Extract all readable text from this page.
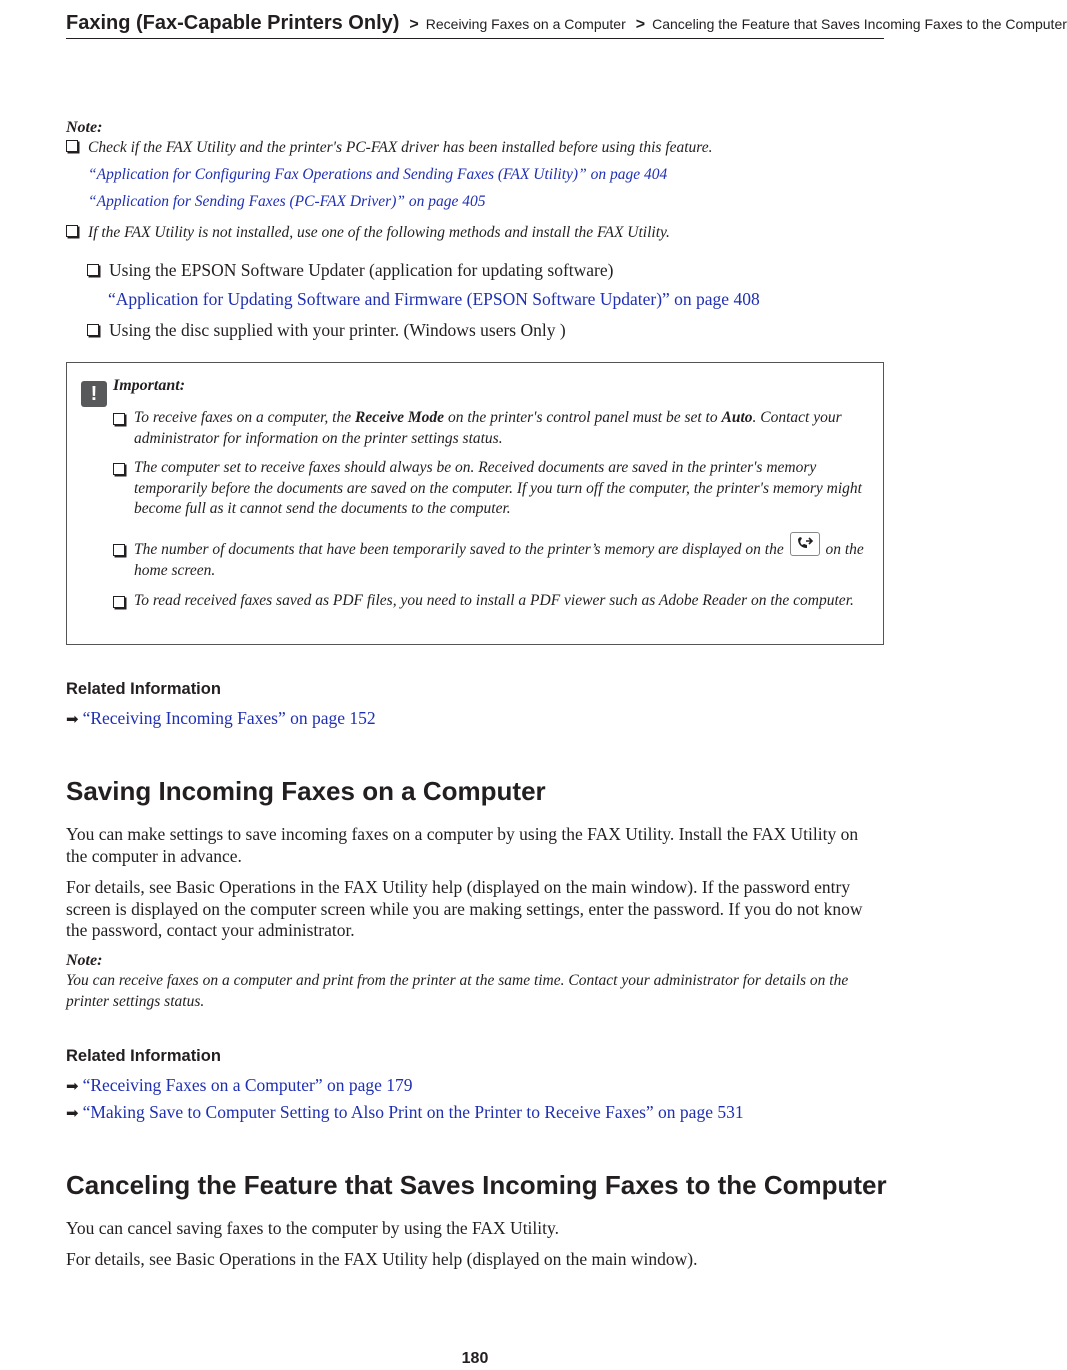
Faxing (Fax-Capable Printers Only) > Receiving Faxes on a Computer > Canceling the Feature that Saves Incoming Faxes to the Computer
Note:
Check if the FAX Utility and the printer's PC-FAX driver has been installed before using this feature.
“Application for Configuring Fax Operations and Sending Faxes (FAX Utility)” on page 404
“Application for Sending Faxes (PC-FAX Driver)” on page 405
If the FAX Utility is not installed, use one of the following methods and install the FAX Utility.
Using the EPSON Software Updater (application for updating software)
“Application for Updating Software and Firmware (EPSON Software Updater)” on page 408
Using the disc supplied with your printer. (Windows users Only )
! Important:
To receive faxes on a computer, the Receive Mode on the printer's control panel must be set to Auto. Contact your administrator for information on the printer settings status.
The computer set to receive faxes should always be on. Received documents are saved in the printer's memory temporarily before the documents are saved on the computer. If you turn off the computer, the printer's memory might become full as it cannot send the documents to the computer.
The number of documents that have been temporarily saved to the printer’s memory are displayed on the	on the home screen.
To read received faxes saved as PDF files, you need to install a PDF viewer such as Adobe Reader on the computer.
Related Information
➡ “Receiving Incoming Faxes” on page 152
Saving Incoming Faxes on a Computer
You can make settings to save incoming faxes on a computer by using the FAX Utility. Install the FAX Utility on the computer in advance.
For details, see Basic Operations in the FAX Utility help (displayed on the main window). If the password entry screen is displayed on the computer screen while you are making settings, enter the password. If you do not know the password, contact your administrator.
Note:
You can receive faxes on a computer and print from the printer at the same time. Contact your administrator for details on the printer settings status.
Related Information
➡ “Receiving Faxes on a Computer” on page 179
➡ “Making Save to Computer Setting to Also Print on the Printer to Receive Faxes” on page 531
Canceling the Feature that Saves Incoming Faxes to the Computer
You can cancel saving faxes to the computer by using the FAX Utility.
For details, see Basic Operations in the FAX Utility help (displayed on the main window).
180
